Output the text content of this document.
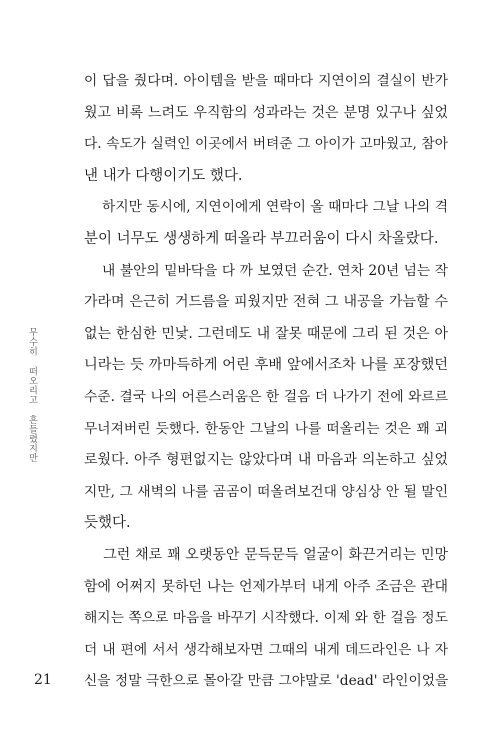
무수히 떠오리고 흔들렸지만
이 답을 줬다며. 아이템을 받을 때마다 지연이의 결실이 반가
웠고 비록 느려도 우직함의 성과라는 것은 분명 있구나 싶었
다. 속도가 실력인 이곳에서 버텨준 그 아이가 고마웠고, 참아
낸 내가 다행이기도 했다.
하지만 동시에, 지연이에게 연락이 올 때마다 그날 나의 격
분이 너무도 생생하게 떠올라 부끄러움이 다시 차올랐다.
내 불안의 밑바닥을 다 까 보였던 순간. 연차 20년 넘는 작
가라며 은근히 거드름을 피웠지만 전혀 그 내공을 가늠할 수
없는 한심한 민낯. 그런데도 내 잘못 때문에 그리 된 것은 아
니라는 듯 까마득하게 어린 후배 앞에서조차 나를 포장했던
수준. 결국 나의 어른스러움은 한 걸음 더 나가기 전에 와르르
무너져버린 듯했다. 한동안 그날의 나를 떠올리는 것은 꽤 괴
로웠다. 아주 형편없지는 않았다며 내 마음과 의논하고 싶었
지만, 그 새벽의 나를 곰곰이 떠올려보건대 양심상 안 될 말인
듯했다.
그런 채로 꽤 오랫동안 문득문득 얼굴이 화끈거리는 민망
함에 어쩌지 못하던 나는 언제가부터 내게 아주 조금은 관대
해지는 쪽으로 마음을 바꾸기 시작했다. 이제 와 한 걸음 정도
더 내 편에 서서 생각해보자면 그때의 내게 데드라인은 나 자
신을 정말 극한으로 몰아갈 만큼 그야말로 'dead' 라인이었을
21
